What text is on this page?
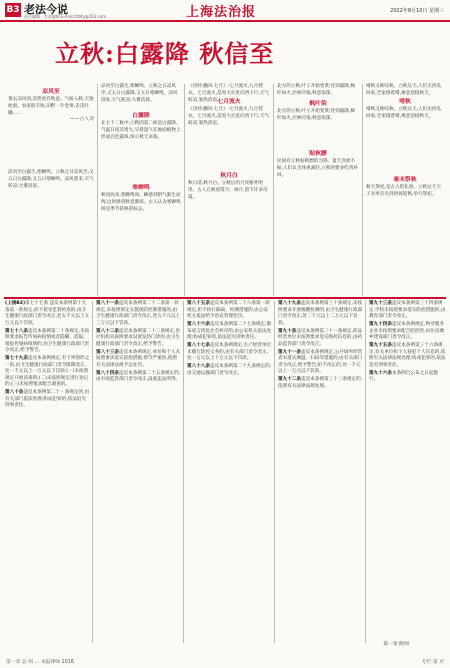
B3 老法今说
责任编辑 · 美术编辑 E-mail:fzbfy@163.com	上海法治报	2022年8月10日 星期三
立秋:白露降 秋信至
凉风至
暑去凉风到,忽然更有秋意。气候入秋,天地始肃。农家盼丰收,田野一片金黄,禾苗吐穗……
——古人诗
凉风至白露生,寒蝉鸣。立秋之日凉风至,又五日白露降,又五日寒蝉鸣。凉风刮来,天气转凉;大雾清晨。
凉风至白露生,寒蝉鸣。立秋之日凉风至,又五日白露降,又五日寒蝉鸣。凉风刮来,天气转凉;大雾清晨。
白露降
在七十二候中,立秋的第二候是白露降。气温日夜差增大,早晨湿气在地面植物上形成白色露珠,预示秋天来临。
寒蝉鸣
秋风吹来,寒蝉鸣叫。蝉感到阴气渐生而鸣,这时感到秋意渐浓。古人认为寒蝉鸣叫是季节转换的标志。
《诗经·豳风·七月》:七月流火,九月授衣。七月流火,是说大火星向西下行,天气转凉,暑热消退。
七月流火
《诗经·豳风·七月》:七月流火,九月授衣。七月流火,是说大火星向西下行,天气转凉,暑热消退。
秋月白
秋日清,秋月白。立秋后的月亮格外明净。古人在秋夜赏月、咏月,留下许多诗篇。
北方的立秋,叶子开始变黄;待到霜降,枫叶如火,层林尽染,秋意浓郁。
枫叶染
北方的立秋,叶子开始变黄;待到霜降,枫叶如火,层林尽染,秋意浓郁。
贴秋膘
民间有立秋贴秋膘的习俗。夏天食欲不振,人们认为体重减轻,立秋时要多吃肉补回。
啃秋又称咬秋。立秋这天,人们买西瓜回家,全家围着啃,寓意迎接秋天。
啃秋
啃秋又称咬秋。立秋这天,人们买西瓜回家,全家围着啃,寓意迎接秋天。
秦末祭秋
秋天祭祀,是古人的礼俗。立秋这天天子亲率官员到西郊迎秋,举行祭祀。

(上接B2)第七十七条 违反本条例第十九条第一款规定,拒不接受监督检查的,由卫生健康行政部门责令改正,处五千元以上五万元以下罚款。

第七十八条违反本条例第二十条规定,未按照要求报告传染病疫情或者隐瞒、谎报、缓报传染病疫情的,由卫生健康行政部门责令改正,给予警告。

第七十九条违反本条例规定,有下列情形之一的,由卫生健康行政部门责令限期改正,处一千元以上一万元以下罚款:(一)未按照规定开展消毒的;(二)未按照规定进行登记的;(三)未按照要求配合调查的。

第八十条违反本条例第二十一条规定的,由有关部门依法处理;构成犯罪的,依法追究刑事责任。

第八十一条违反本条例第二十二条第一款规定,未按照规定实施预防控制措施的,由卫生健康行政部门责令改正,处五千元以上三万元以下罚款。

第八十二条违反本条例第二十三条规定,医疗机构未按照要求设置发热门诊的,由卫生健康行政部门责令改正,给予警告。

第八十三条违反本条例规定,单位和个人未按照要求落实防控措施,情节严重的,依照有关法律法规予以处罚。

第八十四条违反本条例第二十五条规定的,由市场监管部门责令改正,没收违法所得。

第八十五条违反本条例第二十六条第一款规定,拒不执行隔离、检测措施的,由公安机关依法给予治安管理处罚。

第八十六条违反本条例第二十七条规定,散布谣言扰乱社会秩序的,由公安机关依法处理;构成犯罪的,依法追究刑事责任。

第八十七条违反本条例规定,生产经营单位未履行防控义务的,由有关部门责令改正,处一万元以上十万元以下罚款。

第八十八条违反本条例第二十九条规定的,由交通运输部门责令改正。

第八十九条违反本条例第三十条规定,未按照要求开展核酸检测的,由卫生健康行政部门责令改正,处二千元以上二万元以下罚款。

第九十条违反本条例第三十一条规定,药品经营单位未按照要求登记购药信息的,由药品监管部门责令改正。

第九十一条违反本条例规定,公共场所经营者未落实测温、扫码等措施的,由有关部门责令改正,给予警告;拒不改正的,处一千元以上一万元以下罚款。

第九十二条违反本条例第三十三条规定的,依照有关法律法规处理。

第九十三条违反本条例第三十四条规定,学校未按照要求落实防控措施的,由教育部门责令改正。

第九十四条违反本条例规定,物业服务企业未按照要求配合防控的,由住房城乡建设部门责令改正。

第九十五条违反本条例第三十六条规定,有关单位和个人侵犯个人信息的,依照有关法律法规处理;构成犯罪的,依法追究刑事责任。

第九十六条本条例自公布之日起施行。

第一章 附则
第一章 总 则 … 本报律师 2016	专栏 第 页
